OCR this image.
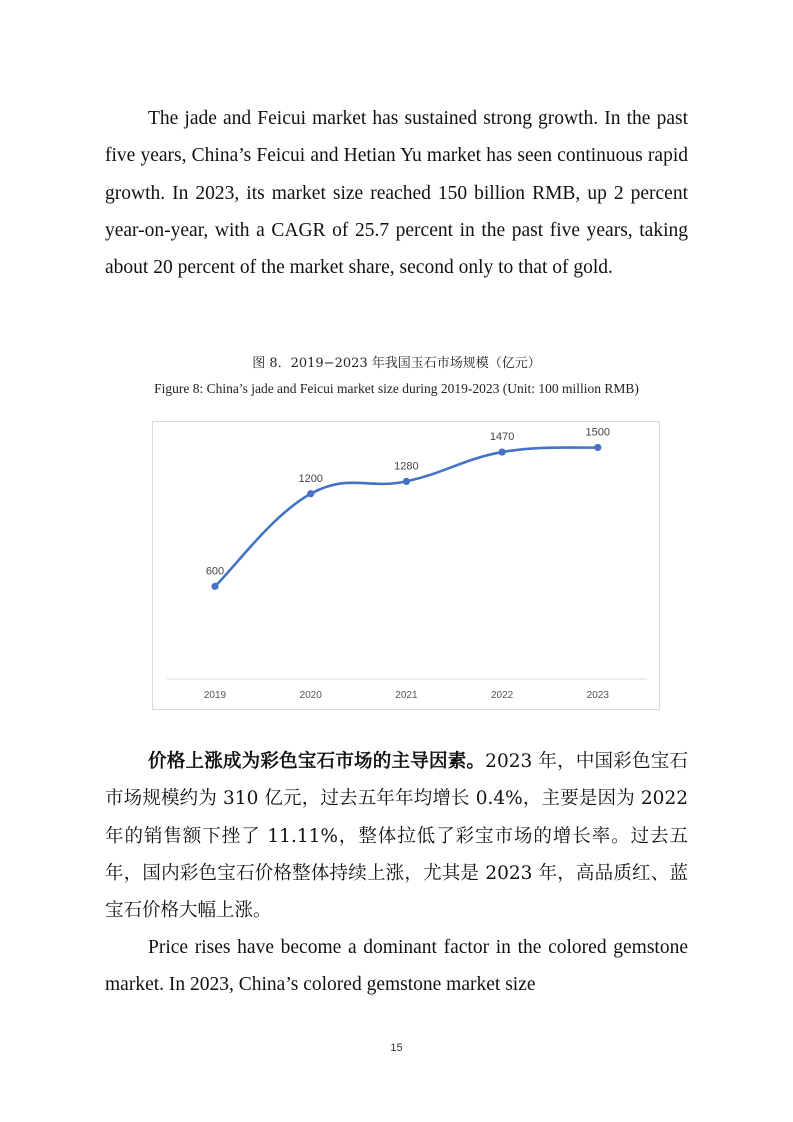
The jade and Feicui market has sustained strong growth. In the past five years, China’s Feicui and Hetian Yu market has seen continuous rapid growth. In 2023, its market size reached 150 billion RMB, up 2 percent year-on-year, with a CAGR of 25.7 percent in the past five years, taking about 20 percent of the market share, second only to that of gold.

图 8．2019−2023 年我国玉石市场规模（亿元）
Figure 8: China’s jade and Feicui market size during 2019-2023 (Unit: 100 million RMB)
600
1200
1280
1470	1500
2019	2020	2021	2022	2023

价格上涨成为彩色宝石市场的主导因素。2023 年，中国彩色宝石市场规模约为 310 亿元，过去五年年均增长 0.4%，主要是因为 2022 年的销售额下挫了 11.11%，整体拉低了彩宝市场的增长率。过去五年，国内彩色宝石价格整体持续上涨，尤其是 2023 年，高品质红、蓝宝石价格大幅上涨。

Price rises have become a dominant factor in the colored gemstone market. In 2023, China’s colored gemstone market size

15
